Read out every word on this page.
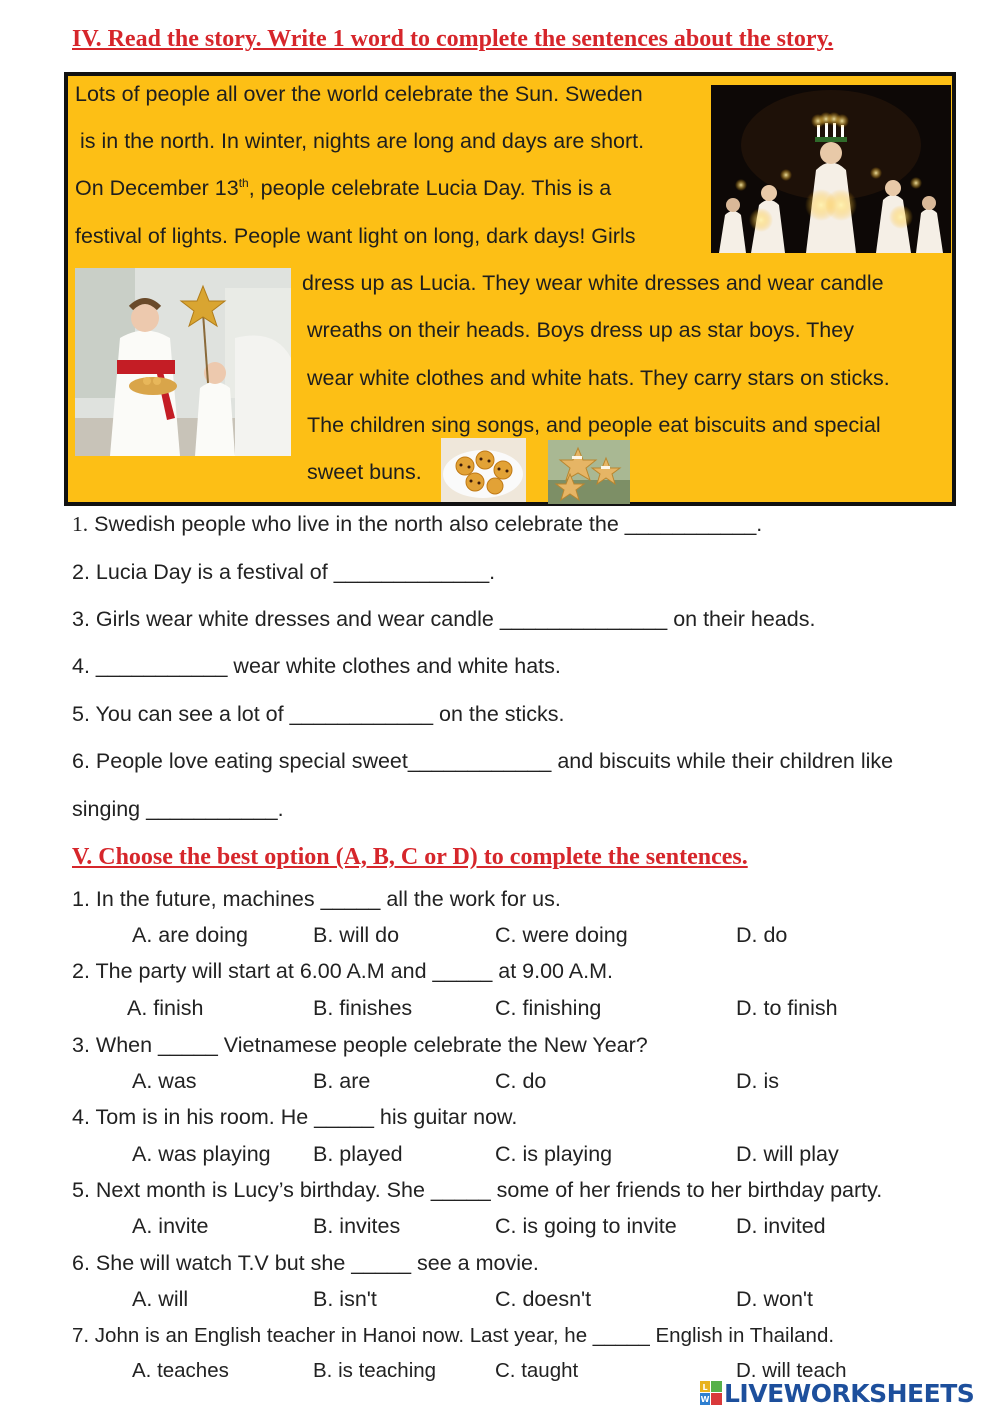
IV. Read the story. Write 1 word to complete the sentences about the story.
Lots of people all over the world celebrate the Sun. Sweden
is in the north. In winter, nights are long and days are short.
On December 13th, people celebrate Lucia Day. This is a
festival of lights. People want light on long, dark days! Girls
dress up as Lucia. They wear white dresses and wear candle
wreaths on their heads. Boys dress up as star boys. They
wear white clothes and white hats. They carry stars on sticks.
The children sing songs, and people eat biscuits and special
sweet buns.
1. Swedish people who live in the north also celebrate the ___________.
2. Lucia Day is a festival of _____________.
3. Girls wear white dresses and wear candle ______________ on their heads.
4. ___________ wear white clothes and white hats.
5. You can see a lot of ____________ on the sticks.
6. People love eating special sweet____________ and biscuits while their children like
singing ___________.
V. Choose the best option (A, B, C or D) to complete the sentences.
1. In the future, machines _____ all the work for us.
A. are doing	B. will do	C. were doing	D. do
2. The party will start at 6.00 A.M and _____ at 9.00 A.M.
A. finish	B. finishes	C. finishing	D. to finish
3. When _____ Vietnamese people celebrate the New Year?
A. was	B. are	C. do	D. is
4. Tom is in his room. He _____ his guitar now.
A. was playing B. played	C. is playing	D. will play
5. Next month is Lucy’s birthday. She _____ some of her friends to her birthday party.
A. invite	B. invites	C. is going to invite	D. invited
6. She will watch T.V but she _____ see a movie.
A. will	B. isn't	C. doesn't	D. won't
7. John is an English teacher in Hanoi now. Last year, he _____ English in Thailand.
A. teaches	B. is teaching	C. taught	D. will teach
L
W LIVEWORKSHEETS
